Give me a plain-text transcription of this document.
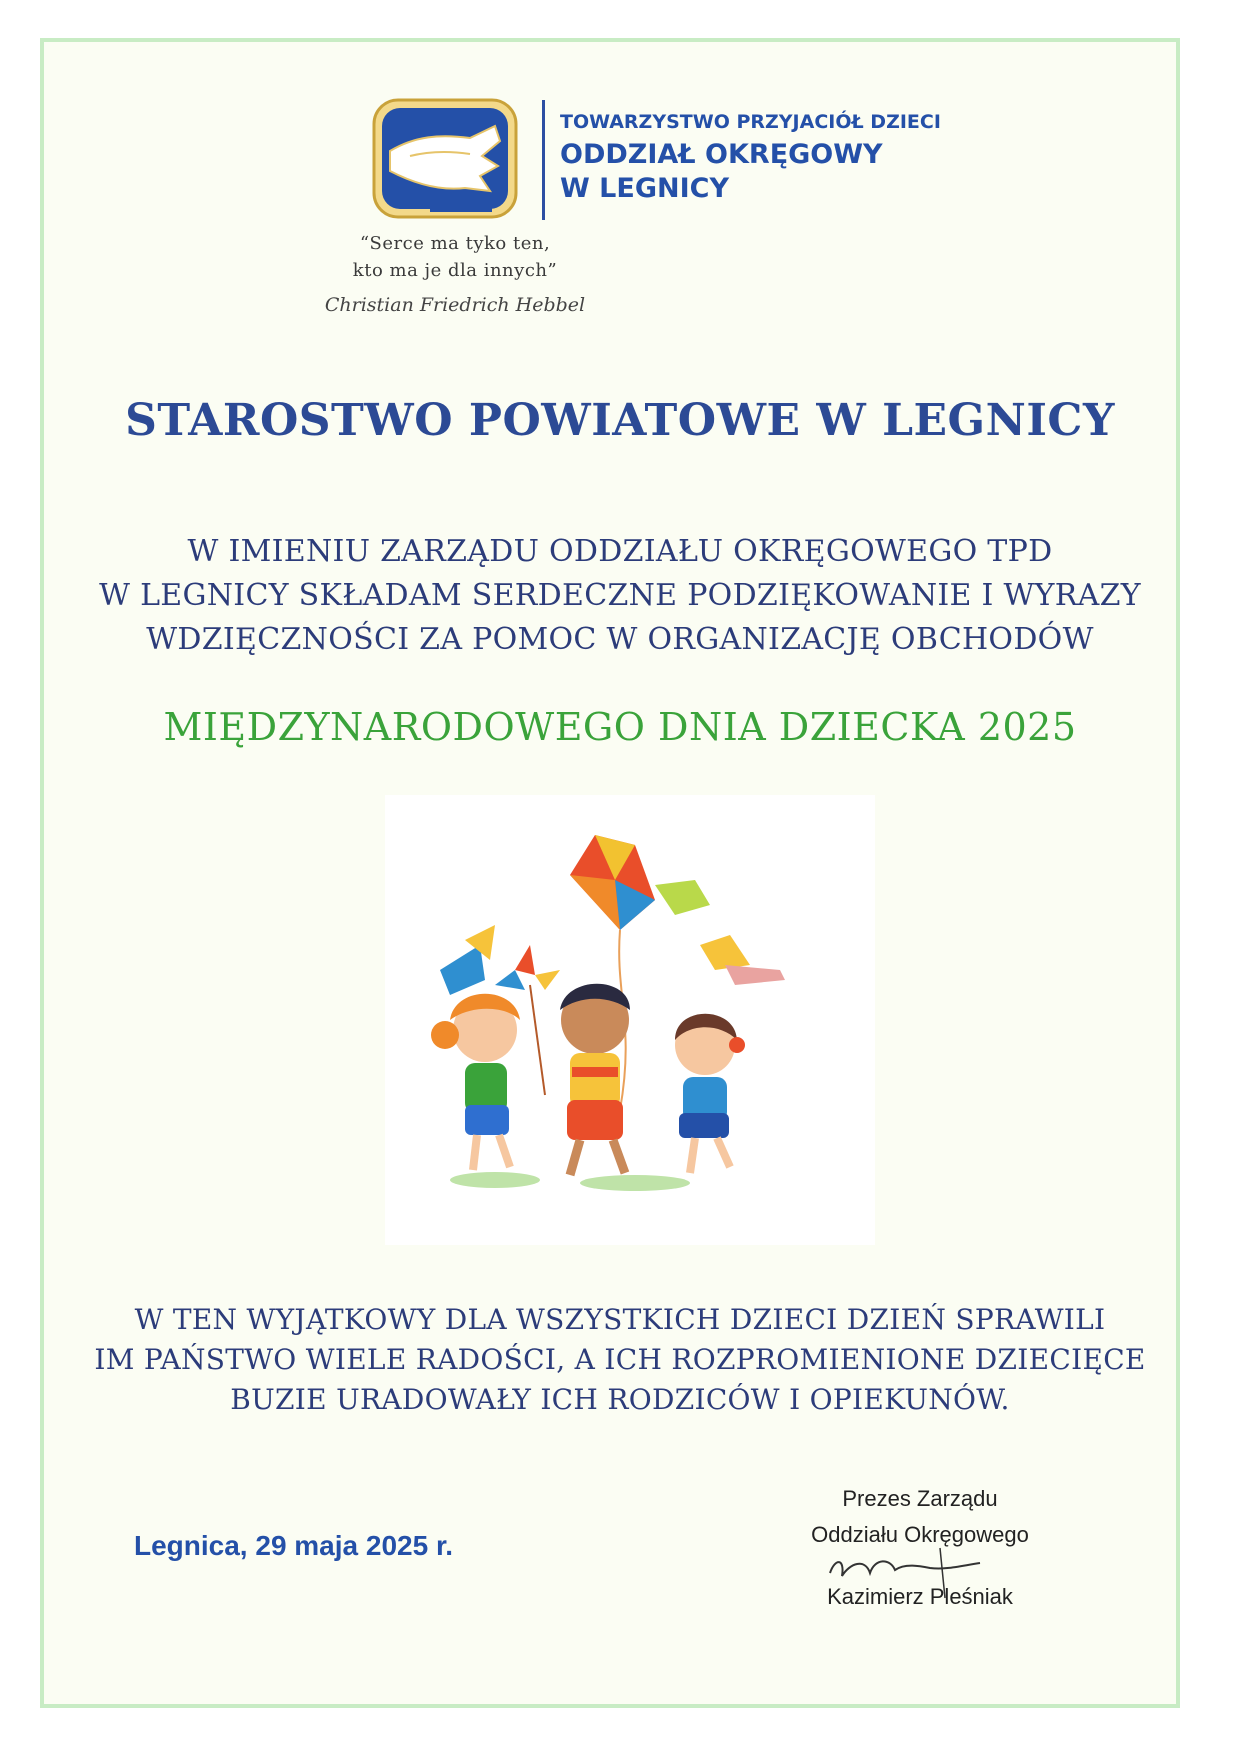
TOWARZYSTWO PRZYJACIÓŁ DZIECI
ODDZIAŁ OKRĘGOWY
W LEGNICY
“Serce ma tyko ten,
kto ma je dla innych”
Christian Friedrich Hebbel
STAROSTWO POWIATOWE W LEGNICY
W IMIENIU ZARZĄDU ODDZIAŁU OKRĘGOWEGO TPD
W LEGNICY SKŁADAM SERDECZNE PODZIĘKOWANIE I WYRAZY
WDZIĘCZNOŚCI ZA POMOC W ORGANIZACJĘ OBCHODÓW
MIĘDZYNARODOWEGO DNIA DZIECKA 2025
W TEN WYJĄTKOWY DLA WSZYSTKICH DZIECI DZIEŃ SPRAWILI
IM PAŃSTWO WIELE RADOŚCI, A ICH ROZPROMIENIONE DZIECIĘCE
BUZIE URADOWAŁY ICH RODZICÓW I OPIEKUNÓW.
Legnica, 29 maja 2025 r.
Prezes Zarządu
Oddziału Okręgowego
Kazimierz Pleśniak
